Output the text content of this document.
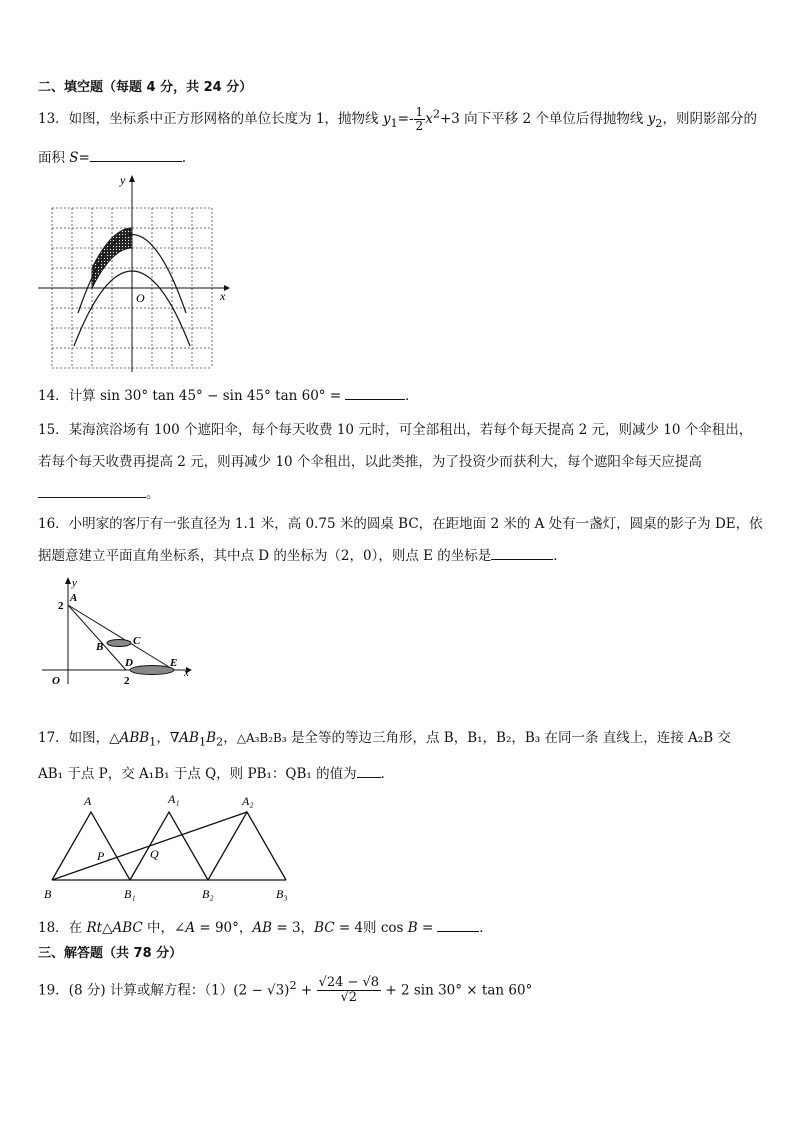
二、填空题（每题 4 分，共 24 分）
13．如图，坐标系中正方形网格的单位长度为 1，抛物线 $y_1=- \frac{1}{2} x^2+3$ 向下平移 2 个单位后得抛物线 $y_2$，则阴影部分的
面积 S=	．
y
x
O
14．计算 sin 30° tan 45° − sin 45° tan 60° =	．
15．某海滨浴场有 100 个遮阳伞，每个每天收费 10 元时，可全部租出，若每个每天提高 2 元，则减少 10 个伞租出，
若每个每天收费再提高 2 元，则再减少 10 个伞租出，以此类推，为了投资少而获利大，每个遮阳伞每天应提高
。
16．小明家的客厅有一张直径为 1.1 米，高 0.75 米的圆桌 BC，在距地面 2 米的 A 处有一盏灯，圆桌的影子为 DE，依
据题意建立平面直角坐标系，其中点 D 的坐标为（2，0），则点 E 的坐标是	．
y
x
O
2
2
A
B	C
D	E
17．如图，$\triangle ABB_1$，$\nabla AB_1B_2$，△A₃B₂B₃ 是全等的等边三角形，点 B，B₁，B₂，B₃ 在同一条 直线上，连接 A₂B 交
AB₁ 于点 P，交 A₁B₁ 于点 Q，则 PB₁：QB₁ 的值为 ．
A	A₁	A₂
B	B₁	B₂	B₃
P	Q
18．在 Rt△ABC 中，∠A = 90°，AB = 3，BC = 4则 cos B =	．
三、解答题（共 78 分）
19．(8 分) 计算或解方程：$(1)(2 - √3)^2 + \frac{√24 - √8}{√2} + 2$ sin 30° × tan 60°
